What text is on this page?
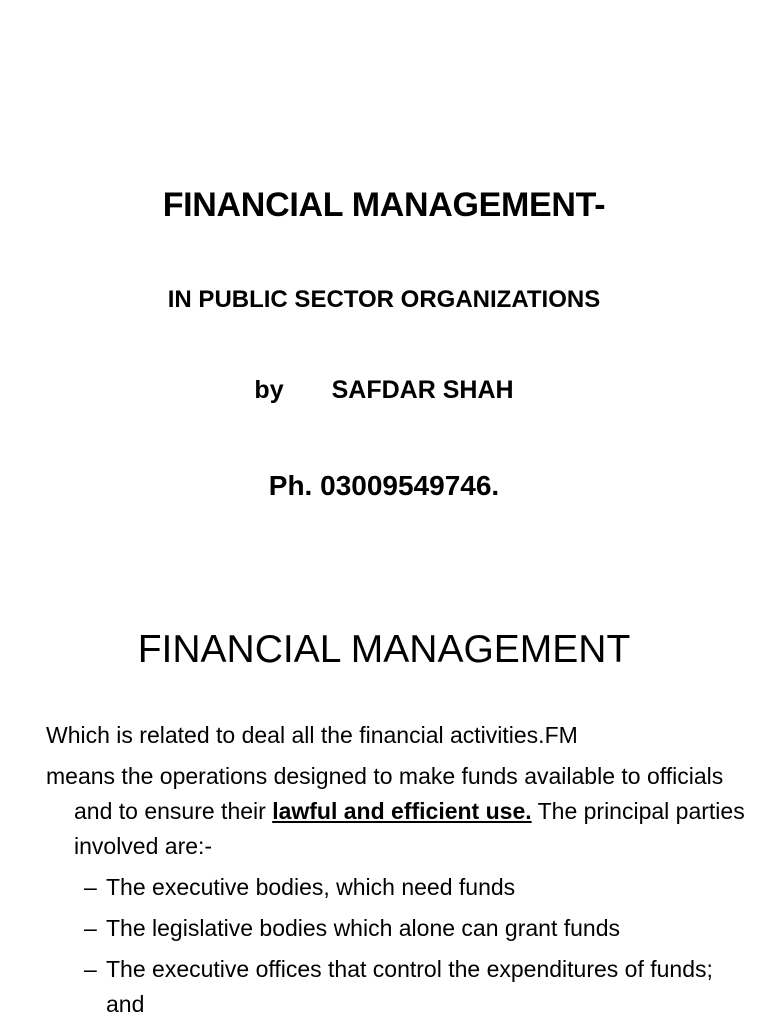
FINANCIAL MANAGEMENT-
IN PUBLIC SECTOR ORGANIZATIONS
by SAFDAR SHAH
Ph. 03009549746.
FINANCIAL MANAGEMENT

Which is related to deal all the financial activities.FM

means the operations designed to make funds available to officials and to ensure their lawful and efficient use. The principal parties involved are:-

– The executive bodies, which need funds
– The legislative bodies which alone can grant funds
– The executive offices that control the expenditures of funds; and
